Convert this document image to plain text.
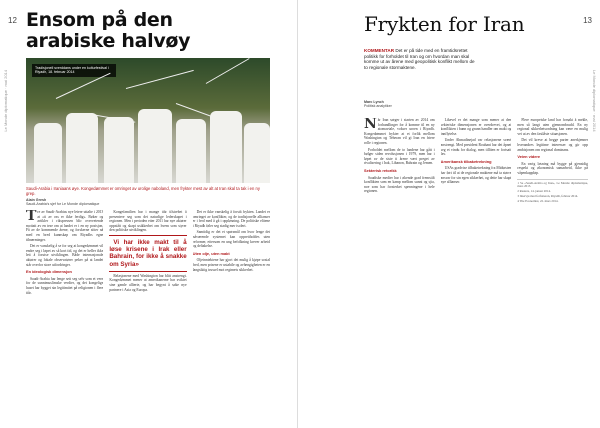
12
Le Monde diplomatique · mai 2014
Ensom på den arabiske halvøy
Tradisjonell sverddans under en kulturfestival i Riyadh, 18. februar 2014
Saudi-Arabia i Iraniaans øye. Kongedømmet er omringet av urolige naboland, men frykter mest av alt at Iran skal ta tak i en ny grep.
Alain Gresh
Saudi-Arabia's sjef for Le Monde diplomatique

Tre av Saudi-Arabias nye leiere uttalte i 2013 at «ti av oss er ikke ferdig». Bøker og artikler i rikspressen blir overveiende mottatt av en tese om at landet er i en ny posisjon. Få av de kommende årene, og forskerne sitter nå med en bred kunnskap om Riyadhs egne tilnærminger.

Det er vanskelig å se for seg at kongedømmet vil endre seg i løpet av så kort tid, og det er heller ikke lett å forutse utviklingen. Både internasjonale aktører og lokale observatører peker på at landet står overfor store utfordringer.

En ideologisk dimensjon

Saudi-Arabia har lenge sett seg selv som et vern for de sunnimuslimske verdier, og det kongelige huset har bygget sin legitimitet på religionen i flere tiår.

Kongefamilien har i mange tiår tilstrebet å presentere seg som det naturlige lederskapet i regionen. Men i perioden etter 2011 har nye aktører oppstått og skapt usikkerhet om hvem som styrer den politiske utviklingen.

Vi har ikke makt til å løse krisene i Irak eller Bahrain, for ikke å snakke om Syria»

Relasjonene med Washington har blitt anstrengt. Kongedømmet mener at amerikanerne har sviktet sine gamle allierte, og har begynt å søke nye partnere i Asia og Europa.

Det er ikke vanskelig å forstå frykten. Landet er omringet av konflikter, og de tradisjonelle allianser er i ferd med å gå i oppløsning. De politiske elitene i Riyadh føler seg stadig mer isolert.

Samtidig er det et spørsmål om hvor lenge det nåværende systemet kan opprettholdes uten reformer, ettersom en ung befolkning krever arbeid og deltakelse.

Uten olje, uten makt

Oljeinntektene har gjort det mulig å kjøpe sosial fred, men prisene er ustabile og avhengigheten er en langsiktig trussel mot regimets sikkerhet.

13
Le Monde diplomatique · mai 2014
Frykten for Iran
KOMMENTAR Det er på tide med en framtidsrettet politikk for forholdet til Iran og om hvordan man skal komme ut av årene med geopolitisk konflikt mellom de to regionale stormaktene.
Marc Lynch
Politisk analytiker

Når Iran sørger i starten av 2014 om forhandlinger for å komme til en ny atomavtale, vokser uroen i Riyadh. Kongedømmet frykter at et forlik mellom Washington og Teheran vil gi Iran en friere rolle i regionen.

Forholdet mellom de to landene har gått i bølger siden revolusjonen i 1979, men har i løpet av de siste ti årene vært preget av rivalisering i Irak, Libanon, Bahrain og Jemen.

Sekterisk retorikk

Saudiske medier har i økende grad fremstilt konflikten som en kamp mellom sunni og sjia, noe som har forsterket spenningene i hele regionen.

Likevel er det mange som mener at den sekteriske dimensjonen er overdrevet, og at konflikten i bunn og grunn handler om makt og innflytelse.

Under Ahmadinejad var relasjonene svært anstrengt. Med president Rouhani har det åpnet seg et vindu for dialog, men tilliten er fortsatt lav.

Amerikansk tilbaketrekning

USAs gradvise tilbaketrekning fra Midtøsten har ført til at de regionale maktene må ta større ansvar for sin egen sikkerhet, og dette har skapt nye allianser.

Flere europeiske land har forsøkt å mekle, men så langt uten gjennombrudd. En ny regional sikkerhetsordning kan være en mulig vei ut av den fastlåste situasjonen.

Det vil kreve at begge parter anerkjenner hverandres legitime interesser og gir opp ambisjonen om regional dominans.

Veien videre

En varig løsning må bygge på gjensidig respekt og økonomisk samarbeid, ikke på våpenkappløp.

1 Se «Saudi-Arabia og Iran», Le Monde diplomatique, mars 2013.
2 Reuters, 14. januar 2014.
3 Intervju med forfatteren, Riyadh, februar 2014.
4 The Economist, 22. mars 2014.
